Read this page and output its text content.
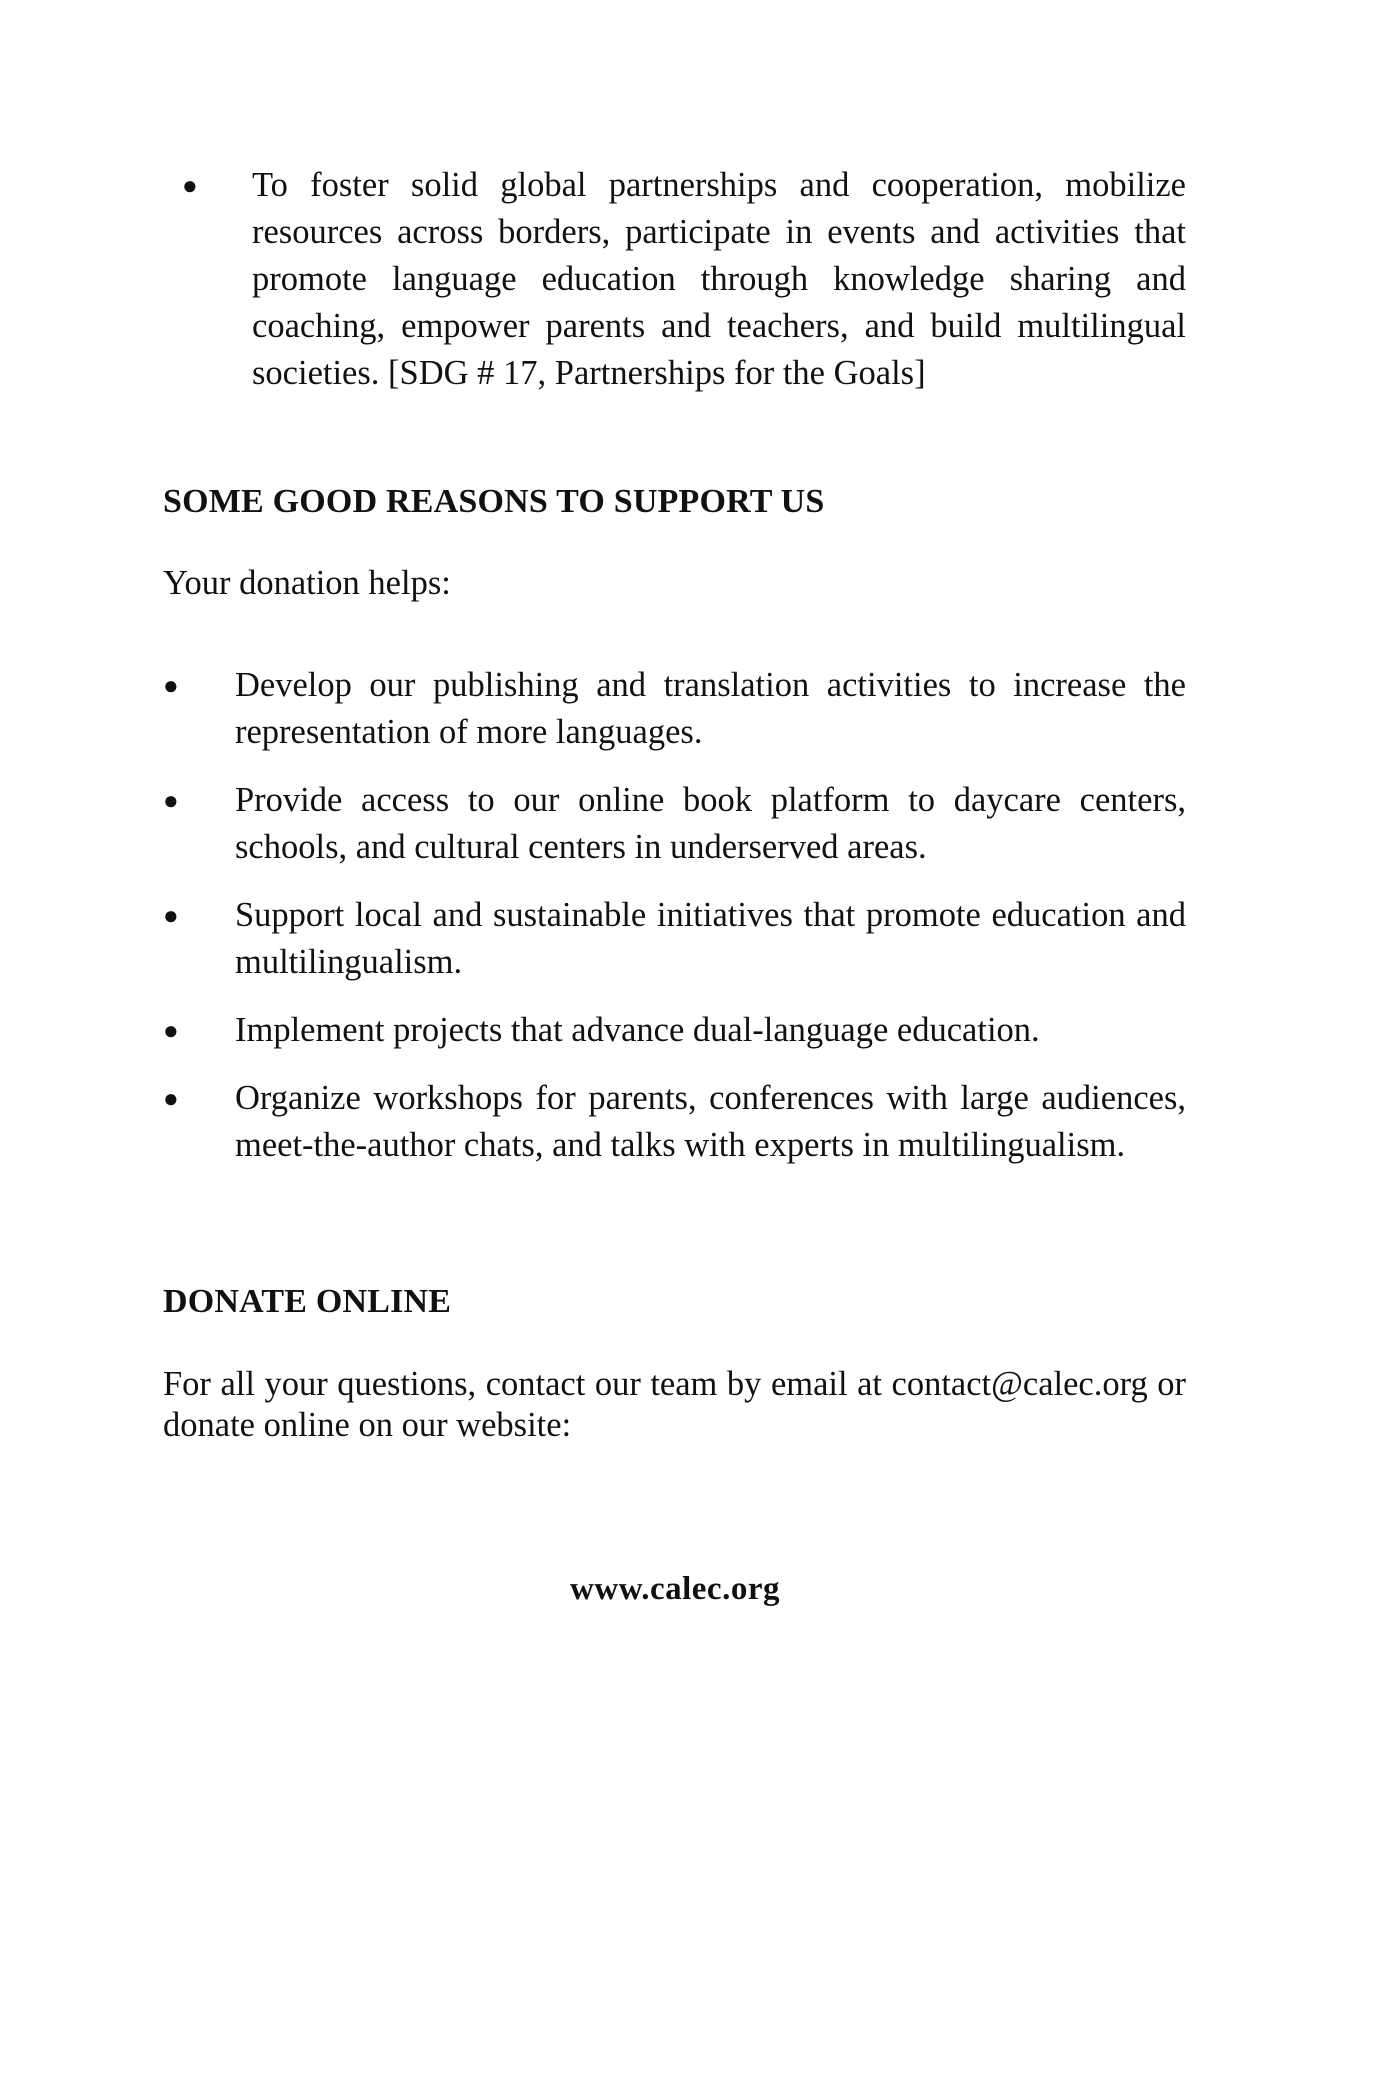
●	To foster solid global partnerships and cooperation, mobilize resources across borders, participate in events and activities that promote language education through knowledge sharing and coaching, empower parents and teachers, and build multilingual societies. [SDG # 17, Partnerships for the Goals]

SOME GOOD REASONS TO SUPPORT US

Your donation helps:

●	Develop our publishing and translation activities to increase the representation of more languages.

●	Provide access to our online book platform to daycare centers, schools, and cultural centers in underserved areas.

●	Support local and sustainable initiatives that promote education and multilingualism.

●	Implement projects that advance dual-language education.

●	Organize workshops for parents, conferences with large audiences, meet-the-author chats, and talks with experts in multilingualism.

DONATE ONLINE

For all your questions, contact our team by email at contact@calec.org or donate online on our website:

www.calec.org
